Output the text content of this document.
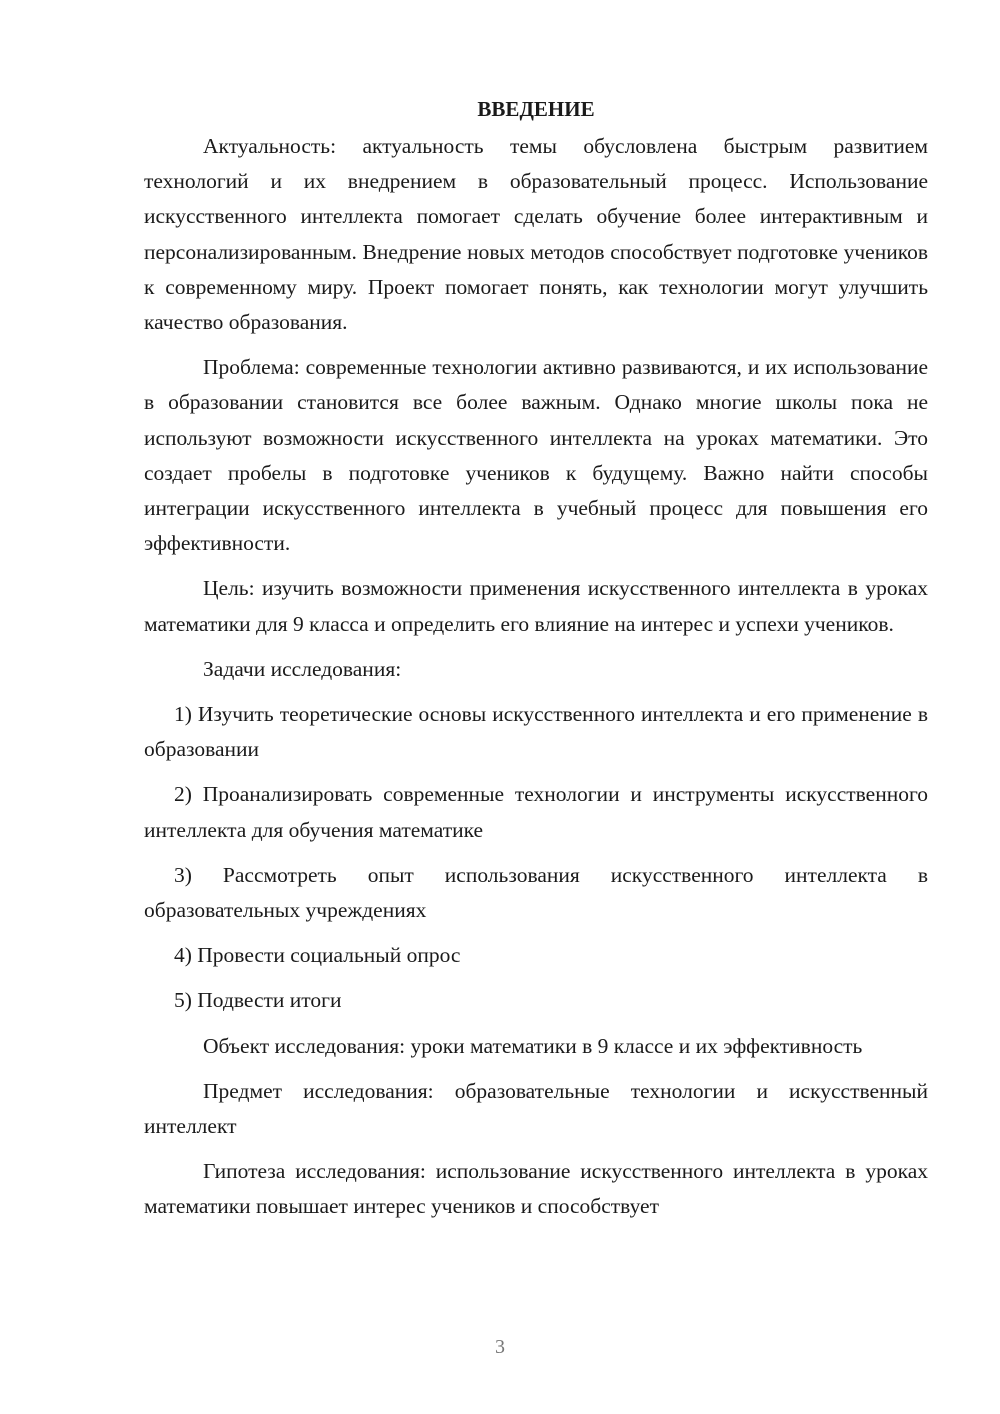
ВВЕДЕНИЕ

Актуальность: актуальность темы обусловлена быстрым развитием технологий и их внедрением в образовательный процесс. Использование искусственного интеллекта помогает сделать обучение более интерактивным и персонализированным. Внедрение новых методов способствует подготовке учеников к современному миру. Проект помогает понять, как технологии могут улучшить качество образования.

Проблема: современные технологии активно развиваются, и их использование в образовании становится все более важным. Однако многие школы пока не используют возможности искусственного интеллекта на уроках математики. Это создает пробелы в подготовке учеников к будущему. Важно найти способы интеграции искусственного интеллекта в учебный процесс для повышения его эффективности.

Цель: изучить возможности применения искусственного интеллекта в уроках математики для 9 класса и определить его влияние на интерес и успехи учеников.

Задачи исследования:

1) Изучить теоретические основы искусственного интеллекта и его применение в образовании

2) Проанализировать современные технологии и инструменты искусственного интеллекта для обучения математике

3) Рассмотреть опыт использования искусственного интеллекта в образовательных учреждениях

4) Провести социальный опрос

5) Подвести итоги

Объект исследования: уроки математики в 9 классе и их эффективность

Предмет исследования: образовательные технологии и искусственный интеллект

Гипотеза исследования: использование искусственного интеллекта в уроках математики повышает интерес учеников и способствует

3
